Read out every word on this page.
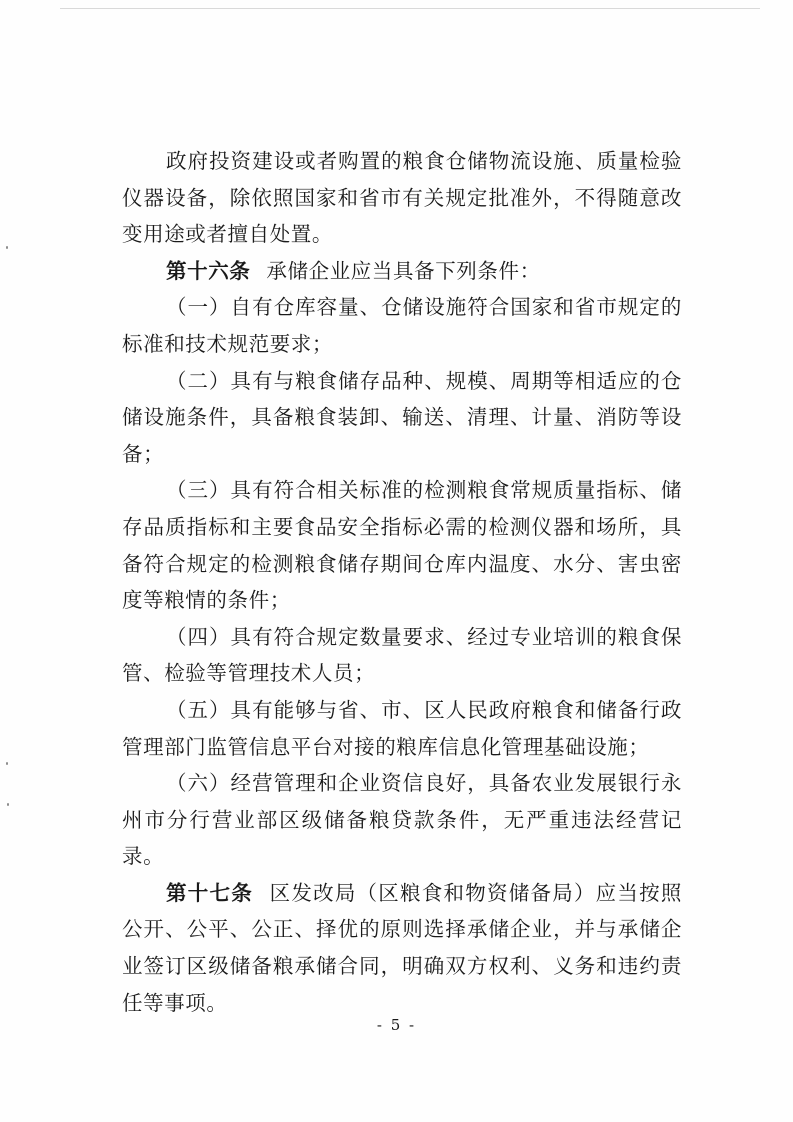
政府投资建设或者购置的粮食仓储物流设施、质量检验仪器设备，除依照国家和省市有关规定批准外，不得随意改变用途或者擅自处置。

第十六条 承储企业应当具备下列条件：

（一）自有仓库容量、仓储设施符合国家和省市规定的标准和技术规范要求；

（二）具有与粮食储存品种、规模、周期等相适应的仓储设施条件，具备粮食装卸、输送、清理、计量、消防等设备；

（三）具有符合相关标准的检测粮食常规质量指标、储存品质指标和主要食品安全指标必需的检测仪器和场所，具备符合规定的检测粮食储存期间仓库内温度、水分、害虫密度等粮情的条件；

（四）具有符合规定数量要求、经过专业培训的粮食保管、检验等管理技术人员；

（五）具有能够与省、市、区人民政府粮食和储备行政管理部门监管信息平台对接的粮库信息化管理基础设施；

（六）经营管理和企业资信良好，具备农业发展银行永州市分行营业部区级储备粮贷款条件，无严重违法经营记录。

第十七条 区发改局（区粮食和物资储备局）应当按照公开、公平、公正、择优的原则选择承储企业，并与承储企业签订区级储备粮承储合同，明确双方权利、义务和违约责任等事项。

- 5 -
